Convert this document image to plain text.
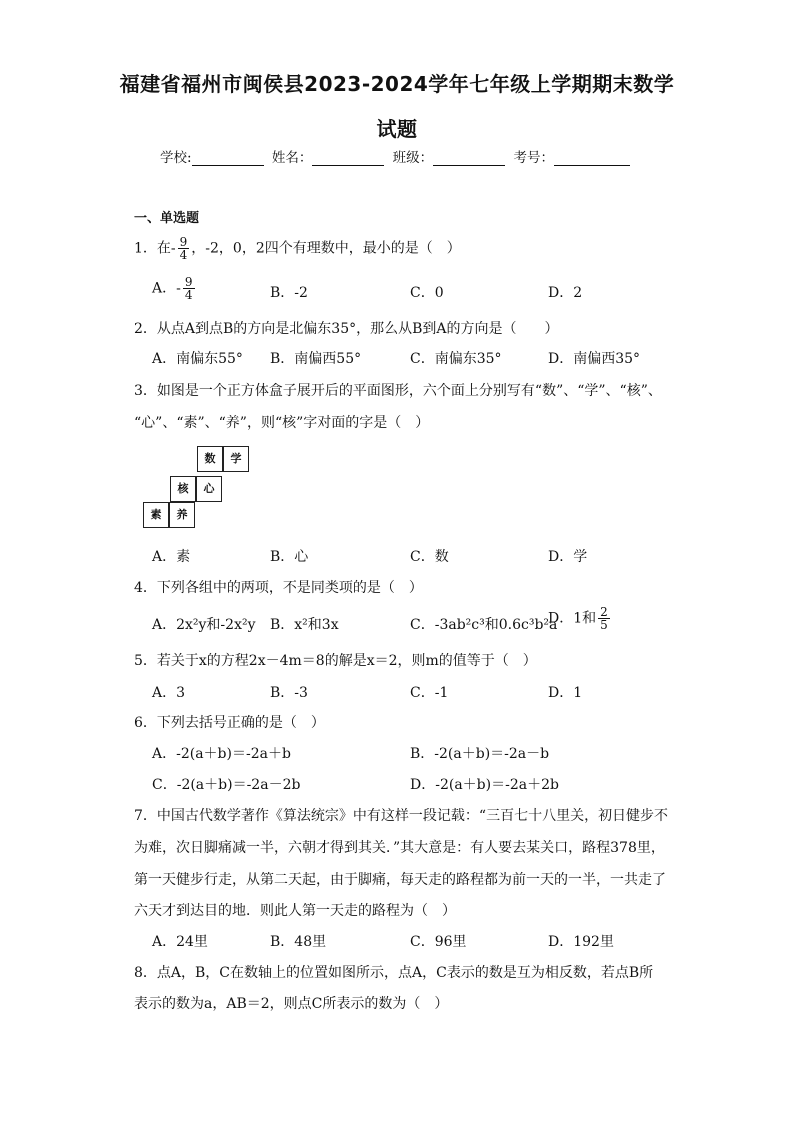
福建省福州市闽侯县2023-2024学年七年级上学期期末数学
试题
学校:	姓名：	班级：	考号：
一、单选题
1．在- $\frac{9}{4}$ ，-2，0，2四个有理数中，最小的是（　）
A．- $\frac{9}{4}$	B．-2	C．0	D．2
2．从点A到点B的方向是北偏东35°，那么从B到A的方向是（　　）
A．南偏东55° B．南偏西55°	C．南偏东35°	D．南偏西35°
3．如图是一个正方体盒子展开后的平面图形，六个面上分别写有“数”、“学”、“核”、
“心”、“素”、“养”，则“核”字对面的字是（　）
数	学
核	心
素	养
A．素	B．心	C．数	D．学
4．下列各组中的两项，不是同类项的是（　）
A．2x²y和-2x²y B．x²和3x	C．-3ab²c³和0.6c³b²a
D．1和 $\frac{2}{5}$
5．若关于x的方程2x－4m＝8的解是x＝2，则m的值等于（　）
A．3	B．-3	C．-1	D．1
6．下列去括号正确的是（　）
A．-2(a＋b)＝-2a＋b	B．-2(a＋b)＝-2a－b
C．-2(a＋b)＝-2a－2b	D．-2(a＋b)＝-2a＋2b
7．中国古代数学著作《算法统宗》中有这样一段记载：“三百七十八里关，初日健步不
为难，次日脚痛减一半，六朝才得到其关．”其大意是：有人要去某关口，路程378里，
第一天健步行走，从第二天起，由于脚痛，每天走的路程都为前一天的一半，一共走了
六天才到达目的地．则此人第一天走的路程为（　）
A．24里	B．48里	C．96里	D．192里
8．点A，B，C在数轴上的位置如图所示，点A，C表示的数是互为相反数，若点B所
表示的数为a，AB＝2，则点C所表示的数为（　）
